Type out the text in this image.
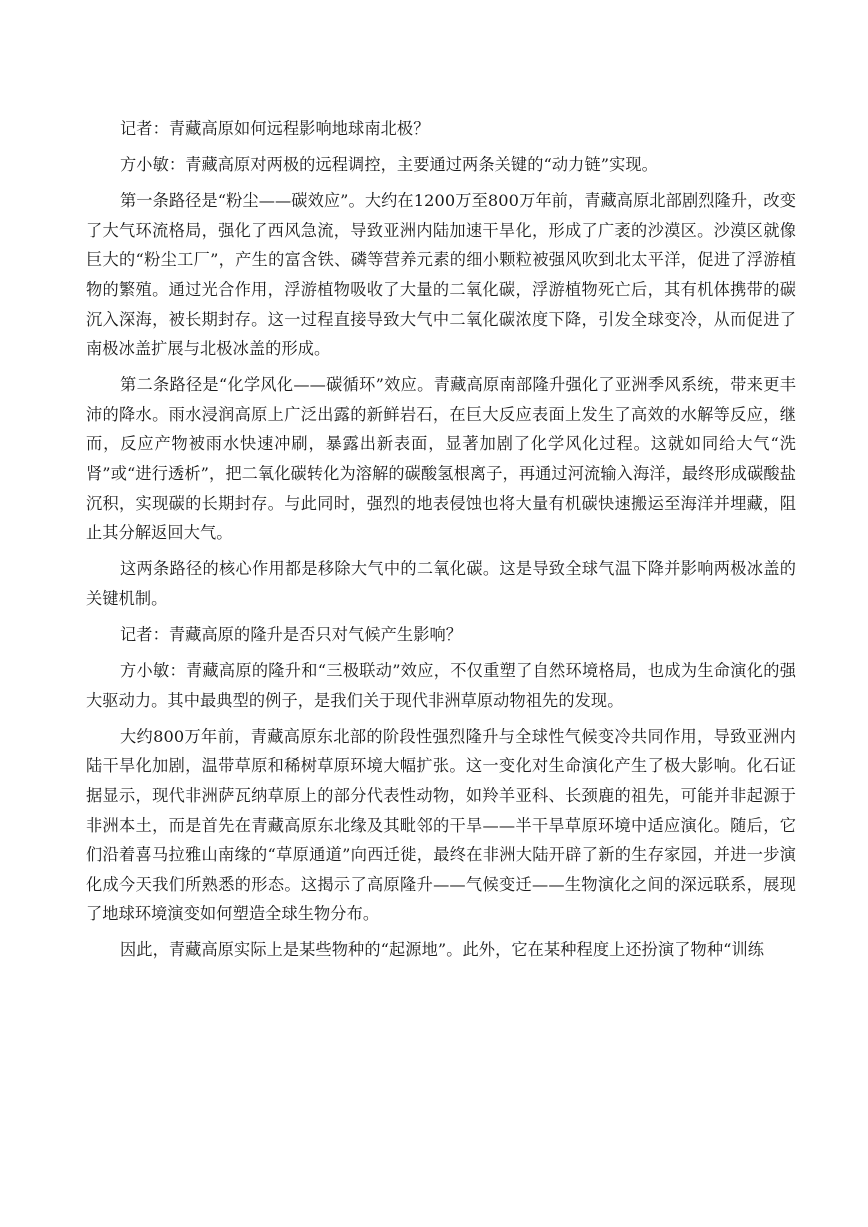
记者：青藏高原如何远程影响地球南北极？

方小敏：青藏高原对两极的远程调控，主要通过两条关键的“动力链”实现。

第一条路径是“粉尘——碳效应”。大约在1200万至800万年前，青藏高原北部剧烈隆升，改变了大气环流格局，强化了西风急流，导致亚洲内陆加速干旱化，形成了广袤的沙漠区。沙漠区就像巨大的“粉尘工厂”，产生的富含铁、磷等营养元素的细小颗粒被强风吹到北太平洋，促进了浮游植物的繁殖。通过光合作用，浮游植物吸收了大量的二氧化碳，浮游植物死亡后，其有机体携带的碳沉入深海，被长期封存。这一过程直接导致大气中二氧化碳浓度下降，引发全球变冷，从而促进了南极冰盖扩展与北极冰盖的形成。

第二条路径是“化学风化——碳循环”效应。青藏高原南部隆升强化了亚洲季风系统，带来更丰沛的降水。雨水浸润高原上广泛出露的新鲜岩石，在巨大反应表面上发生了高效的水解等反应，继而，反应产物被雨水快速冲刷，暴露出新表面，显著加剧了化学风化过程。这就如同给大气“洗肾”或“进行透析”，把二氧化碳转化为溶解的碳酸氢根离子，再通过河流输入海洋，最终形成碳酸盐沉积，实现碳的长期封存。与此同时，强烈的地表侵蚀也将大量有机碳快速搬运至海洋并埋藏，阻止其分解返回大气。

这两条路径的核心作用都是移除大气中的二氧化碳。这是导致全球气温下降并影响两极冰盖的关键机制。

记者：青藏高原的隆升是否只对气候产生影响？

方小敏：青藏高原的隆升和“三极联动”效应，不仅重塑了自然环境格局，也成为生命演化的强大驱动力。其中最典型的例子，是我们关于现代非洲草原动物祖先的发现。

大约800万年前，青藏高原东北部的阶段性强烈隆升与全球性气候变冷共同作用，导致亚洲内陆干旱化加剧，温带草原和稀树草原环境大幅扩张。这一变化对生命演化产生了极大影响。化石证据显示，现代非洲萨瓦纳草原上的部分代表性动物，如羚羊亚科、长颈鹿的祖先，可能并非起源于非洲本土，而是首先在青藏高原东北缘及其毗邻的干旱——半干旱草原环境中适应演化。随后，它们沿着喜马拉雅山南缘的“草原通道”向西迁徙，最终在非洲大陆开辟了新的生存家园，并进一步演化成今天我们所熟悉的形态。这揭示了高原隆升——气候变迁——生物演化之间的深远联系，展现了地球环境演变如何塑造全球生物分布。

因此，青藏高原实际上是某些物种的“起源地”。此外，它在某种程度上还扮演了物种“训练
